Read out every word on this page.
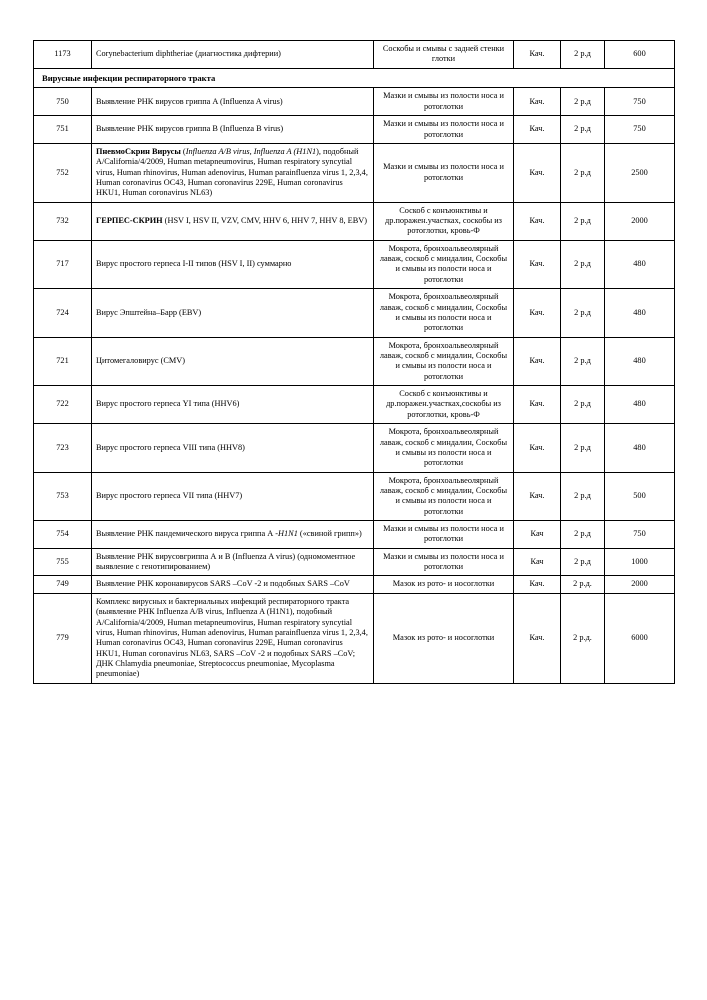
1173	Corynebacterium diphtheriae (диагностика дифтерии)	Соскобы и смывы с задней стенки глотки	Кач.	2 р.д	600
Вирусные инфекции респираторного тракта					
750	Выявление РНК вирусов гриппа A (Influenza A virus)	Мазки и смывы из полости носа и ротоглотки	Кач.	2 р.д	750
751	Выявление РНК вирусов гриппа B (Influenza B virus)	Мазки и смывы из полости носа и ротоглотки	Кач.	2 р.д	750
752	ПневмоСкрин Вирусы (Influenza A/B virus, Influenza A (H1N1), подобный A/California/4/2009, Human metapneumovirus, Human respiratory syncytial virus, Human rhinovirus, Human adenovirus, Human parainfluenza virus 1, 2,3,4, Human coronavirus OC43, Human coronavirus 229E, Human coronavirus HKU1, Human coronavirus NL63)	Мазки и смывы из полости носа и ротоглотки	Кач.	2 р.д	2500
732	ГЕРПЕС-СКРИН (HSV I, HSV II, VZV, CMV, HHV 6, HHV 7, HHV 8, EBV)	Соскоб с конъюнктивы и др.поражен.участках, соскобы из ротоглотки, кровь-Ф	Кач.	2 р.д	2000
717	Вирус простого герпеса I-II типов (HSV I, II) суммарно	Мокрота, бронхоальвеолярный лаваж, соскоб с миндалин, Соскобы и смывы из полости носа и ротоглотки	Кач.	2 р.д	480
724	Вирус Эпштейна–Барр (EBV)	Мокрота, бронхоальвеолярный лаваж, соскоб с миндалин, Соскобы и смывы из полости носа и ротоглотки	Кач.	2 р.д	480
721	Цитомегаловирус (CMV)	Мокрота, бронхоальвеолярный лаваж, соскоб с миндалин, Соскобы и смывы из полости носа и ротоглотки	Кач.	2 р.д	480
722	Вирус простого герпеса YI типа (HHV6)	Соскоб с конъюнктивы и др.поражен.участках,соскобы из ротоглотки, кровь-Ф	Кач.	2 р.д	480
723	Вирус простого герпеса VIII типа (HHV8)	Мокрота, бронхоальвеолярный лаваж, соскоб с миндалин, Соскобы и смывы из полости носа и ротоглотки	Кач.	2 р.д	480
753	Вирус простого герпеса VII типа (HHV7)	Мокрота, бронхоальвеолярный лаваж, соскоб с миндалин, Соскобы и смывы из полости носа и ротоглотки	Кач.	2 р.д	500
754	Выявление РНК пандемического вируса гриппа А -H1N1 («свиной грипп»)	Мазки и смывы из полости носа и ротоглотки	Кач	2 р.д	750
755	Выявление РНК вирусовгриппа А и В (Influenza A virus) (одномоментное выявление с генотипированием)	Мазки и смывы из полости носа и ротоглотки	Кач	2 р.д	1000
749	Выявление РНК коронавирусов SARS –CoV -2 и подобных SARS –CoV	Мазок из рото- и носоглотки	Кач.	2 р.д.	2000
779	Комплекс вирусных и бактериальных инфекций респираторного тракта (выявление РНК Influenza A/B virus, Influenza A (H1N1), подобный A/California/4/2009, Human metapneumovirus, Human respiratory syncytial virus, Human rhinovirus, Human adenovirus, Human parainfluenza virus 1, 2,3,4, Human coronavirus OC43, Human coronavirus 229E, Human coronavirus HKU1, Human coronavirus NL63, SARS –CoV -2 и подобных SARS –CoV; ДНК Chlamydia pneumoniae, Streptococcus pneumoniae, Mycoplasma pneumoniae)	Мазок из рото- и носоглотки	Кач.	2 р.д.	6000
